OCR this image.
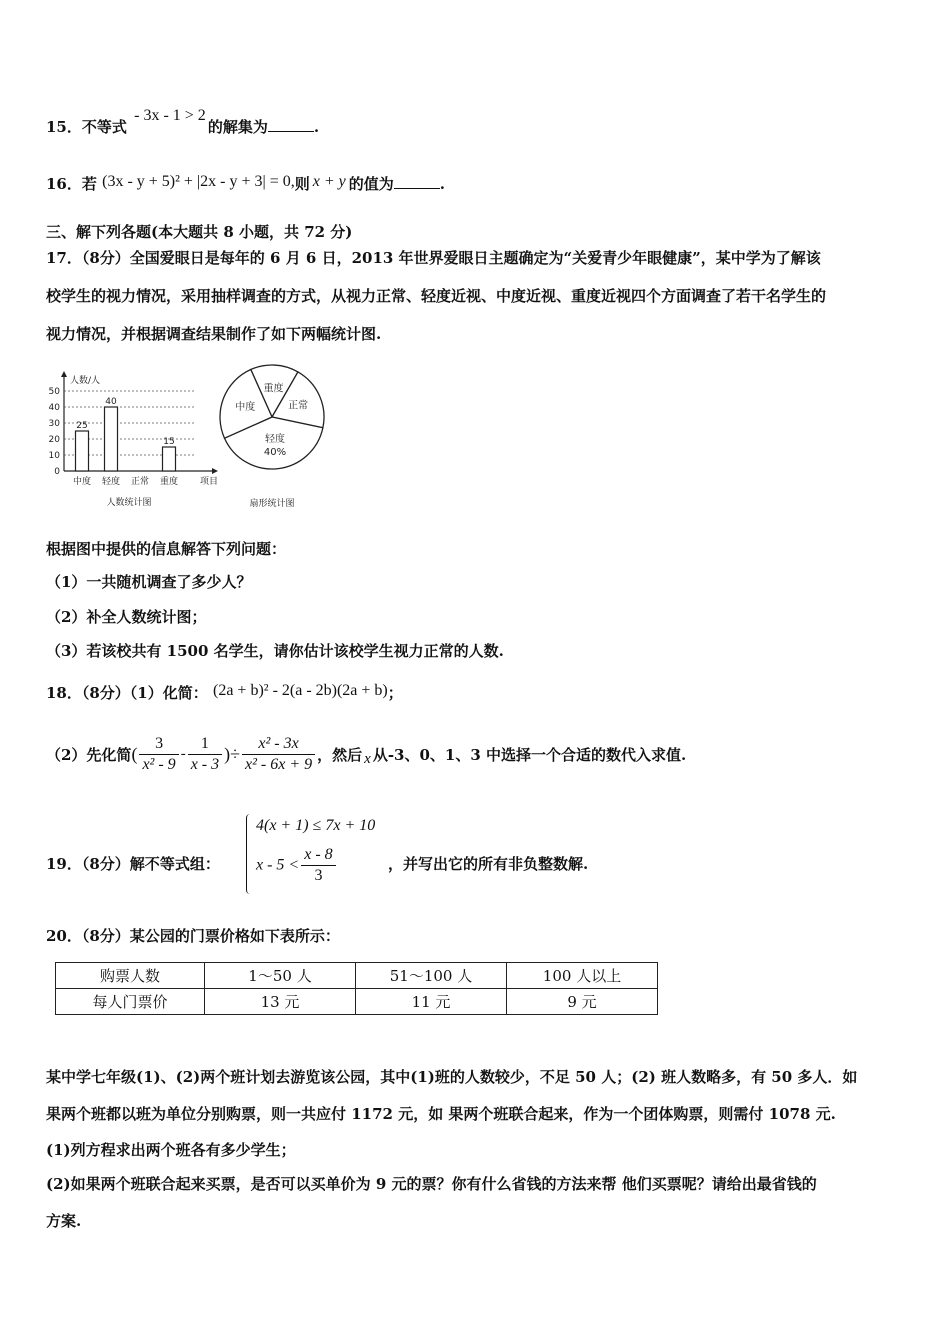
15．不等式 - 3x - 1 > 2的解集为	.
16．若 (3x - y + 5)² + |2x - y + 3| = 0,则 x + y 的值为	.
三、解下列各题(本大题共 8 小题，共 72 分)
17．（8分）全国爱眼日是每年的 6 月 6 日，2013 年世界爱眼日主题确定为“关爱青少年眼健康”，某中学为了解该
校学生的视力情况，采用抽样调查的方式，从视力正常、轻度近视、中度近视、重度近视四个方面调查了若干名学生的
视力情况，并根据调查结果制作了如下两幅统计图.
人数/人
项目
0
10
20
30
40
50
中度
25
轻度
40
正常 重度
15
人数统计图
重度
正常
轻度
40%
中度
扇形统计图
根据图中提供的信息解答下列问题：
（1）一共随机调查了多少人？
（2）补全人数统计图；
（3）若该校共有 1500 名学生，请你估计该校学生视力正常的人数.
18．（8分）（1）化简： (2a + b)² - 2(a - 2b)(2a + b)；
（2）先化简( $\frac{3}{\text{x² - 9}} - \frac{1}{x - 3}$ )÷ $\frac{\text{x² - 3x}}{\text{x² - 6x + 9}}$ ，然后 x 从-3、0、1、3 中选择一个合适的数代入求值.
4(x + 1) ≤ 7x + 10
19．（8分）解不等式组： $x - 5 < \frac{x - 8}{3}$	，并写出它的所有非负整数解.
20．（8分）某公园的门票价格如下表所示：
购票人数	1～50 人	51～100 人	100 人以上
每人门票价	13 元	11 元	9 元
某中学七年级(1)、(2)两个班计划去游览该公园，其中(1)班的人数较少，不足 50 人；(2) 班人数略多，有 50 多人．如
果两个班都以班为单位分别购票，则一共应付 1172 元，如 果两个班联合起来，作为一个团体购票，则需付 1078 元.
(1)列方程求出两个班各有多少学生；
(2)如果两个班联合起来买票，是否可以买单价为 9 元的票？你有什么省钱的方法来帮 他们买票呢？请给出最省钱的
方案.
